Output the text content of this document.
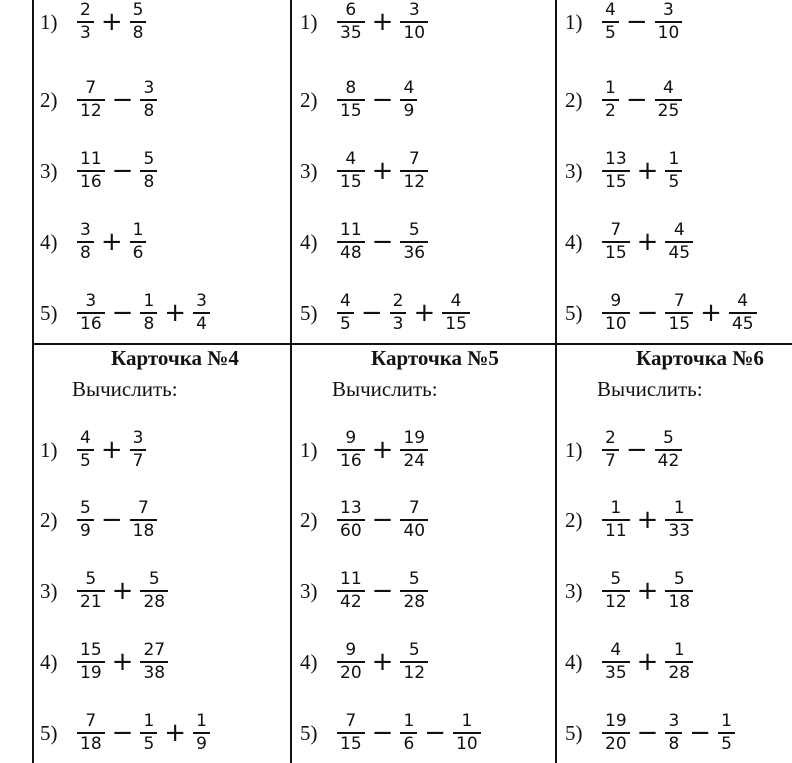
1)	$\frac{2}{3} + \frac{5}{8}$
2)	$\frac{7}{12} - \frac{3}{8}$
3)	$\frac{11}{16} - \frac{5}{8}$
4)	$\frac{3}{8} + \frac{1}{6}$
5)	$\frac{3}{16} - \frac{1}{8} + \frac{3}{4}$
1)	$\frac{6}{35} + \frac{3}{10}$
2)	$\frac{8}{15} - \frac{4}{9}$
3)	$\frac{4}{15} + \frac{7}{12}$
4)	$\frac{11}{48} - \frac{5}{36}$
5)	$\frac{4}{5} - \frac{2}{3} + \frac{4}{15}$
1)	$\frac{4}{5} - \frac{3}{10}$
2)	$\frac{1}{2} - \frac{4}{25}$
3)	$\frac{13}{15} + \frac{1}{5}$
4)	$\frac{7}{15} + \frac{4}{45}$
5)	$\frac{9}{10} - \frac{7}{15} + \frac{4}{45}$
Карточка №4
Вычислить:
1)	$\frac{4}{5} + \frac{3}{7}$
2)	$\frac{5}{9} - \frac{7}{18}$
3)	$\frac{5}{21} + \frac{5}{28}$
4)	$\frac{15}{19} + \frac{27}{38}$
5)	$\frac{7}{18} - \frac{1}{5} + \frac{1}{9}$
Карточка №5
Вычислить:
1)	$\frac{9}{16} + \frac{19}{24}$
2)	$\frac{13}{60} - \frac{7}{40}$
3)	$\frac{11}{42} - \frac{5}{28}$
4)	$\frac{9}{20} + \frac{5}{12}$
5)	$\frac{7}{15} - \frac{1}{6} - \frac{1}{10}$
Карточка №6
Вычислить:
1)	$\frac{2}{7} - \frac{5}{42}$
2)	$\frac{1}{11} + \frac{1}{33}$
3)	$\frac{5}{12} + \frac{5}{18}$
4)	$\frac{4}{35} + \frac{1}{28}$
5)	$\frac{19}{20} - \frac{3}{8} - \frac{1}{5}$
